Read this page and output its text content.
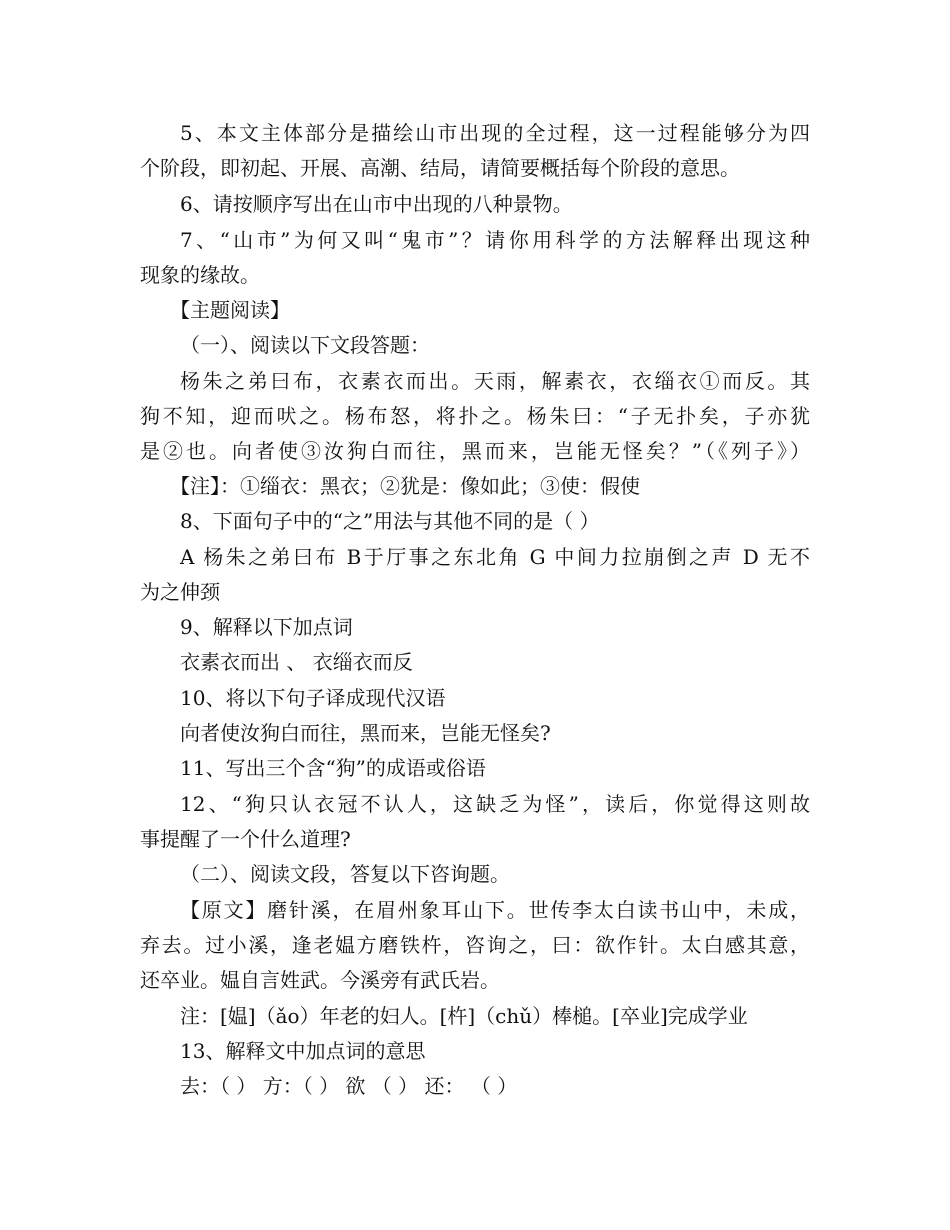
5、本文主体部分是描绘山市出现的全过程，这一过程能够分为四
个阶段，即初起、开展、高潮、结局，请简要概括每个阶段的意思。
6、请按顺序写出在山市中出现的八种景物。
7、“山市”为何又叫“鬼市”？请你用科学的方法解释出现这种
现象的缘故。
【主题阅读】
（一）、阅读以下文段答题：
杨朱之弟曰布，衣素衣而出。天雨，解素衣，衣缁衣①而反。其
狗不知，迎而吠之。杨布怒，将扑之。杨朱曰：“子无扑矣，子亦犹
是②也。向者使③汝狗白而往，黑而来，岂能无怪矣？”（《列子》）
【注】：①缁衣：黑衣；②犹是：像如此；③使：假使
8、下面句子中的“之”用法与其他不同的是（ ）
A 杨朱之弟曰布 B于厅事之东北角 G 中间力拉崩倒之声 D 无不
为之伸颈
9、解释以下加点词
衣素衣而出 、 衣缁衣而反
10、将以下句子译成现代汉语
向者使汝狗白而往，黑而来，岂能无怪矣?
11、写出三个含“狗”的成语或俗语
12、“狗只认衣冠不认人，这缺乏为怪”，读后，你觉得这则故
事提醒了一个什么道理?
（二）、阅读文段，答复以下咨询题。
【原文】磨针溪，在眉州象耳山下。世传李太白读书山中，未成，
弃去。过小溪，逢老媪方磨铁杵，咨询之，曰：欲作针。太白感其意，
还卒业。媪自言姓武。今溪旁有武氏岩。
注：[媪]（ǎo）年老的妇人。[杵]（chǔ）棒槌。[卒业]完成学业
13、解释文中加点词的意思
去：（ ） 方：（ ） 欲 （ ） 还： （ ）
